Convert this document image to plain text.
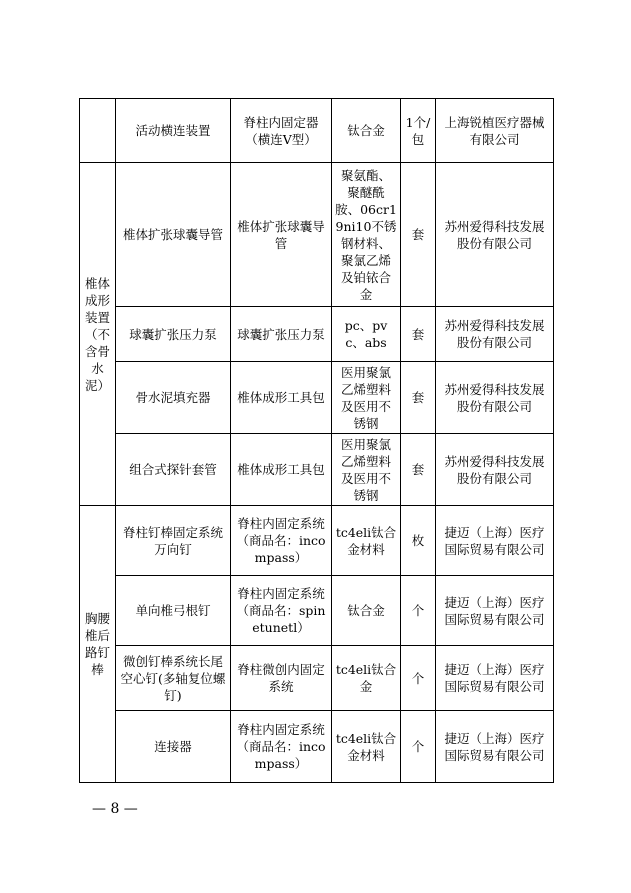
	活动横连装置	脊柱内固定器（横连V型）	钛合金	1个/包	上海锐植医疗器械有限公司
椎体成形装置（不含骨水泥）	椎体扩张球囊导管	椎体扩张球囊导管	聚氨酯、聚醚酰胺、06cr19ni10不锈钢材料、聚氯乙烯及铂铱合金	套	苏州爱得科技发展股份有限公司
	球囊扩张压力泵	球囊扩张压力泵	pc、pvc、abs	套	苏州爱得科技发展股份有限公司
	骨水泥填充器	椎体成形工具包	医用聚氯乙烯塑料及医用不锈钢	套	苏州爱得科技发展股份有限公司
	组合式探针套管	椎体成形工具包	医用聚氯乙烯塑料及医用不锈钢	套	苏州爱得科技发展股份有限公司
胸腰椎后路钉棒	脊柱钉棒固定系统万向钉	脊柱内固定系统（商品名：incompass）	tc4eli钛合金材料	枚	捷迈（上海）医疗国际贸易有限公司
	单向椎弓根钉	脊柱内固定系统（商品名：spinetunetl）	钛合金	个	捷迈（上海）医疗国际贸易有限公司
	微创钉棒系统长尾空心钉(多轴复位螺钉)	脊柱微创内固定系统	tc4eli钛合金	个	捷迈（上海）医疗国际贸易有限公司
	连接器	脊柱内固定系统（商品名：incompass）	tc4eli钛合金材料	个	捷迈（上海）医疗国际贸易有限公司
— 8 —
